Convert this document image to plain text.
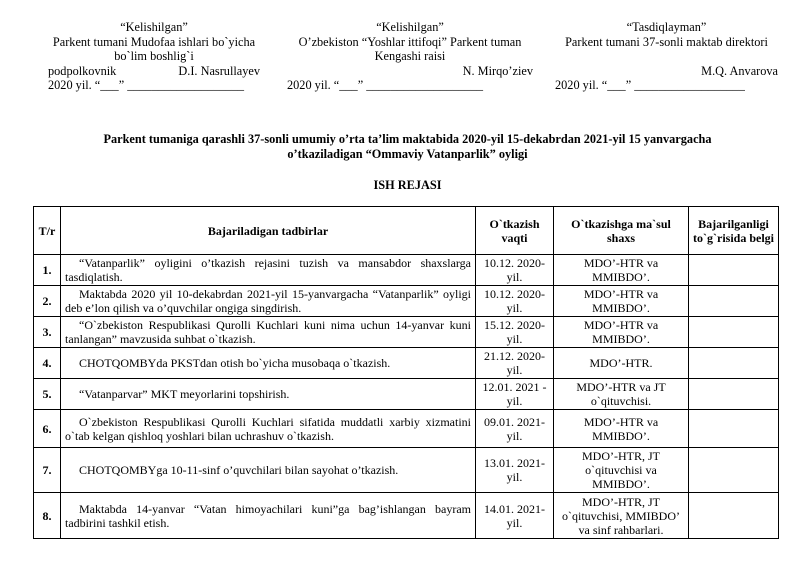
“Kelishilgan”
Parkent tumani Mudofaa ishlari bo`yicha
bo`lim boshlig`i
podpolkovnik	D.I. Nasrullayev
2020 yil. “___” ___________________
“Kelishilgan”
O’zbekiston “Yoshlar ittifoqi” Parkent tuman
Kengashi raisi
N. Mirqo’ziev
2020 yil. “___” ___________________
“Tasdiqlayman”
Parkent tumani 37-sonli maktab direktori

M.Q. Anvarova
2020 yil. “___” __________________
Parkent tumaniga qarashli 37-sonli umumiy o’rta ta’lim maktabida 2020-yil 15-dekabrdan 2021-yil 15 yanvargacha
o’tkaziladigan “Ommaviy Vatanparlik” oyligi
ISH REJASI
T/r	Bajariladigan tadbirlar	O`tkazish vaqti	O`tkazishga ma`sul shaxs	Bajarilganligi to`g`risida belgi
1.	“Vatanparlik” oyligini o’tkazish rejasini tuzish va mansabdor shaxslarga tasdiqlatish.	10.12. 2020-yil.	MDO’-HTR va MMIBDO’.	
2.	Maktabda 2020 yil 10-dekabrdan 2021-yil 15-yanvargacha “Vatanparlik” oyligi deb e’lon qilish va o’quvchilar ongiga singdirish.	10.12. 2020-yil.	MDO’-HTR va MMIBDO’.	
3.	“O`zbekiston Respublikasi Qurolli Kuchlari kuni nima uchun 14-yanvar kuni tanlangan” mavzusida suhbat o`tkazish.	15.12. 2020-yil.	MDO’-HTR va MMIBDO’.	
4.	CHOTQOMBYda PKSTdan otish bo`yicha musobaqa o`tkazish.	21.12. 2020-yil.	MDO’-HTR.	
5.	“Vatanparvar” MKT meyorlarini topshirish.	12.01. 2021 -yil.	MDO’-HTR va JT o`qituvchisi.	
6.	O`zbekiston Respublikasi Qurolli Kuchlari sifatida muddatli xarbiy xizmatini o`tab kelgan qishloq yoshlari bilan uchrashuv o`tkazish.	09.01. 2021-yil.	MDO’-HTR va MMIBDO’.	
7.	CHOTQOMBYga 10-11-sinf o’quvchilari bilan sayohat o’tkazish.	13.01. 2021-yil.	MDO’-HTR, JT o`qituvchisi va MMIBDO’.	
8.	Maktabda 14-yanvar “Vatan himoyachilari kuni”ga bag’ishlangan bayram tadbirini tashkil etish.	14.01. 2021-yil.	MDO’-HTR, JT o`qituvchisi, MMIBDO’ va sinf rahbarlari.	
